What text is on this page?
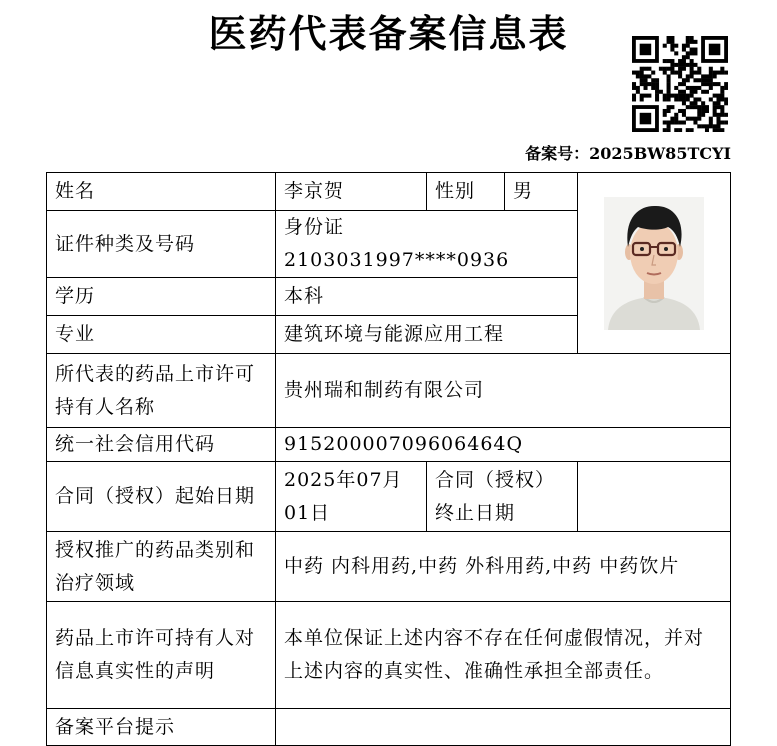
医药代表备案信息表
备案号：2025BW85TCYI
姓名	李京贺	性别	男	

证件种类及号码	身份证 2103031997****0936			
学历	本科			
专业	建筑环境与能源应用工程			
所代表的药品上市许可持有人名称	贵州瑞和制药有限公司			
统一社会信用代码	91520000709606464Q			
合同（授权）起始日期	2025年07月01日	合同（授权）终止日期		
授权推广的药品类别和治疗领域	中药 内科用药,中药 外科用药,中药 中药饮片			
药品上市许可持有人对信息真实性的声明	本单位保证上述内容不存在任何虚假情况，并对上述内容的真实性、准确性承担全部责任。			
备案平台提示				
